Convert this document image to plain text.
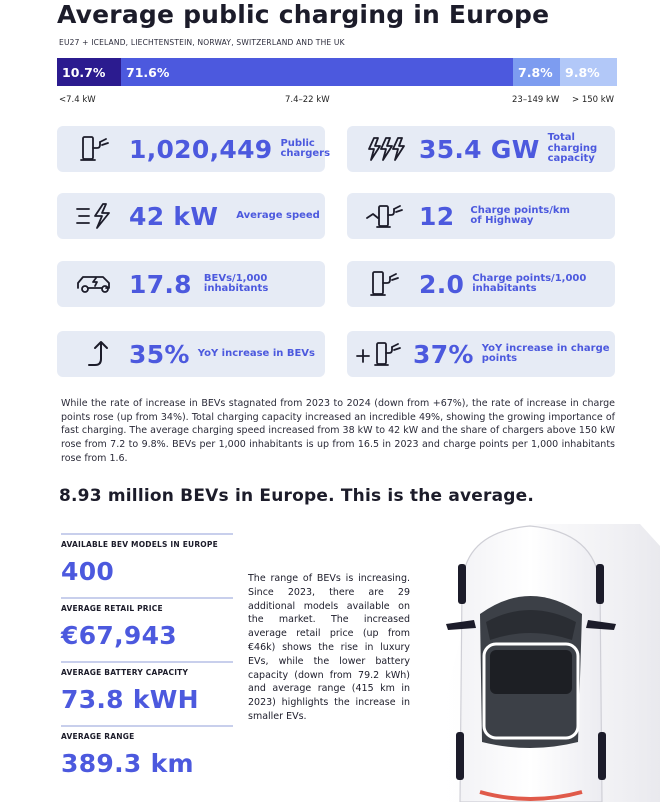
Average public charging in Europe
EU27 + ICELAND, LIECHTENSTEIN, NORWAY, SWITZERLAND AND THE UK
10.7% 71.6%	7.8% 9.8%
<7.4 kW	7.4–22 kW	23–149 kW > 150 kW
1,020,449 Public chargers	35.4 GW Total charging capacity
42 kW Average speed	12 Charge points/km of Highway
17.8 BEVs/1,000 inhabitants	2.0 Charge points/1,000 inhabitants
35% YoY increase in BEVs	37% YoY increase in charge points
While the rate of increase in BEVs stagnated from 2023 to 2024 (down from +67%), the rate of increase in charge points rose (up from 34%). Total charging capacity increased an incredible 49%, showing the growing importance of fast charging. The average charging speed increased from 38 kW to 42 kW and the share of chargers above 150 kW rose from 7.2 to 9.8%. BEVs per 1,000 inhabitants is up from 16.5 in 2023 and charge points per 1,000 inhabitants rose from 1.6.
8.93 million BEVs in Europe. This is the average.
AVAILABLE BEV MODELS IN EUROPE
400
AVERAGE RETAIL PRICE
€67,943
AVERAGE BATTERY CAPACITY
73.8 kWH
AVERAGE RANGE
389.3 km
The range of BEVs is increasing. Since 2023, there are 29 additional models available on the market. The increased average retail price (up from €46k) shows the rise in luxury EVs, while the lower battery capacity (down from 79.2 kWh) and average range (415 km in 2023) highlights the increase in smaller EVs.
